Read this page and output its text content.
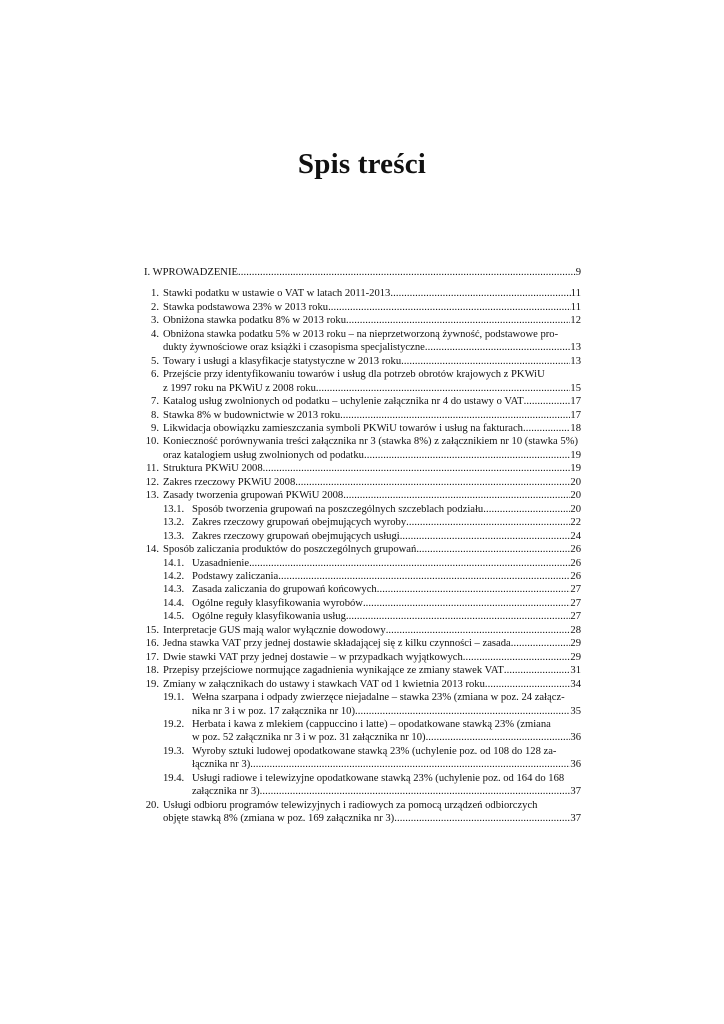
Spis treści
I. WPROWADZENIE .....	9
1. Stawki podatku w ustawie o VAT w latach 2011-2013 .....	11
2. Stawka podstawowa 23% w 2013 roku .....	11
3. Obniżona stawka podatku 8% w 2013 roku .....	12
4. Obniżona stawka podatku 5% w 2013 roku – na nieprzetworzoną żywność, podstawowe pro-
dukty żywnościowe oraz książki i czasopisma specjalistyczne .....	13
5. Towary i usługi a klasyfikacje statystyczne w 2013 roku .....	13
6. Przejście przy identyfikowaniu towarów i usług dla potrzeb obrotów krajowych z PKWiU
z 1997 roku na PKWiU z 2008 roku .....	15
7. Katalog usług zwolnionych od podatku – uchylenie załącznika nr 4 do ustawy o VAT .....	17
8. Stawka 8% w budownictwie w 2013 roku .....	17
9. Likwidacja obowiązku zamieszczania symboli PKWiU towarów i usług na fakturach .....	18
10. Konieczność porównywania treści załącznika nr 3 (stawka 8%) z załącznikiem nr 10 (stawka 5%)
oraz katalogiem usług zwolnionych od podatku .....	19
11. Struktura PKWiU 2008 .....	19
12. Zakres rzeczowy PKWiU 2008 .....	20
13. Zasady tworzenia grupowań PKWiU 2008 .....	20
13.1. Sposób tworzenia grupowań na poszczególnych szczeblach podziału .....	20
13.2. Zakres rzeczowy grupowań obejmujących wyroby .....	22
13.3. Zakres rzeczowy grupowań obejmujących usługi .....	24
14. Sposób zaliczania produktów do poszczególnych grupowań .....	26
14.1. Uzasadnienie .....	26
14.2. Podstawy zaliczania .....	26
14.3. Zasada zaliczania do grupowań końcowych .....	27
14.4. Ogólne reguły klasyfikowania wyrobów .....	27
14.5. Ogólne reguły klasyfikowania usług .....	27
15. Interpretacje GUS mają walor wyłącznie dowodowy .....	28
16. Jedna stawka VAT przy jednej dostawie składającej się z kilku czynności – zasada .....	29
17. Dwie stawki VAT przy jednej dostawie – w przypadkach wyjątkowych .....	29
18. Przepisy przejściowe normujące zagadnienia wynikające ze zmiany stawek VAT .....	31
19. Zmiany w załącznikach do ustawy i stawkach VAT od 1 kwietnia 2013 roku .....	34
19.1. Wełna szarpana i odpady zwierzęce niejadalne – stawka 23% (zmiana w poz. 24 załącz-
nika nr 3 i w poz. 17 załącznika nr 10) .....	35
19.2. Herbata i kawa z mlekiem (cappuccino i latte) – opodatkowane stawką 23% (zmiana
w poz. 52 załącznika nr 3 i w poz. 31 załącznika nr 10) .....	36
19.3. Wyroby sztuki ludowej opodatkowane stawką 23% (uchylenie poz. od 108 do 128 za-
łącznika nr 3) .....	36
19.4. Usługi radiowe i telewizyjne opodatkowane stawką 23% (uchylenie poz. od 164 do 168
załącznika nr 3) .....	37
20. Usługi odbioru programów telewizyjnych i radiowych za pomocą urządzeń odbiorczych
objęte stawką 8% (zmiana w poz. 169 załącznika nr 3) .....	37
